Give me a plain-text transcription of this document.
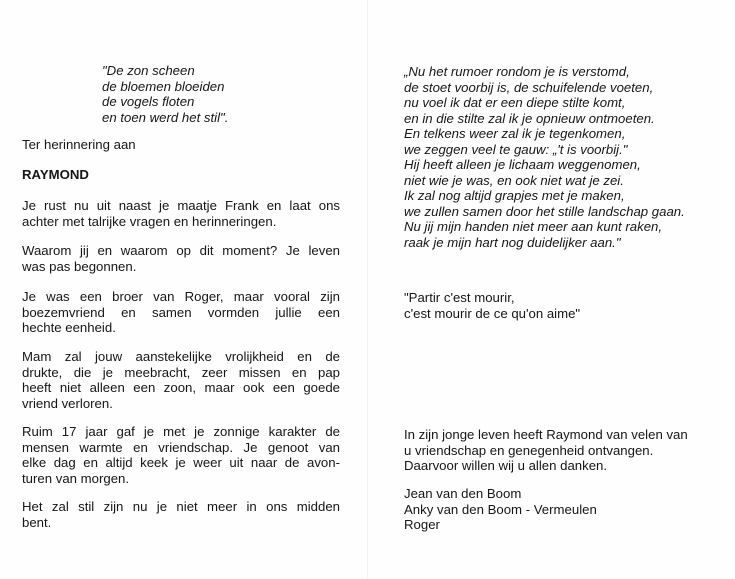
"De zon scheen
de bloemen bloeiden
de vogels floten
en toen werd het stil".
Ter herinnering aan
RAYMOND
Je rust nu uit naast je maatje Frank en laat ons
achter met talrijke vragen en herinneringen.
Waarom jij en waarom op dit moment? Je leven
was pas begonnen.
Je was een broer van Roger, maar vooral zijn
boezemvriend en samen vormden jullie een
hechte eenheid.
Mam zal jouw aanstekelijke vrolijkheid en de
drukte, die je meebracht, zeer missen en pap
heeft niet alleen een zoon, maar ook een goede
vriend verloren.
Ruim 17 jaar gaf je met je zonnige karakter de
mensen warmte en vriendschap. Je genoot van
elke dag en altijd keek je weer uit naar de avon-
turen van morgen.
Het zal stil zijn nu je niet meer in ons midden
bent.
„Nu het rumoer rondom je is verstomd,
de stoet voorbij is, de schuifelende voeten,
nu voel ik dat er een diepe stilte komt,
en in die stilte zal ik je opnieuw ontmoeten.
En telkens weer zal ik je tegenkomen,
we zeggen veel te gauw: „'t is voorbij."
Hij heeft alleen je lichaam weggenomen,
niet wie je was, en ook niet wat je zei.
Ik zal nog altijd grapjes met je maken,
we zullen samen door het stille landschap gaan.
Nu jij mijn handen niet meer aan kunt raken,
raak je mijn hart nog duidelijker aan."
"Partir c'est mourir,
c'est mourir de ce qu'on aime"
In zijn jonge leven heeft Raymond van velen van
u vriendschap en genegenheid ontvangen.
Daarvoor willen wij u allen danken.
Jean van den Boom
Anky van den Boom - Vermeulen
Roger
